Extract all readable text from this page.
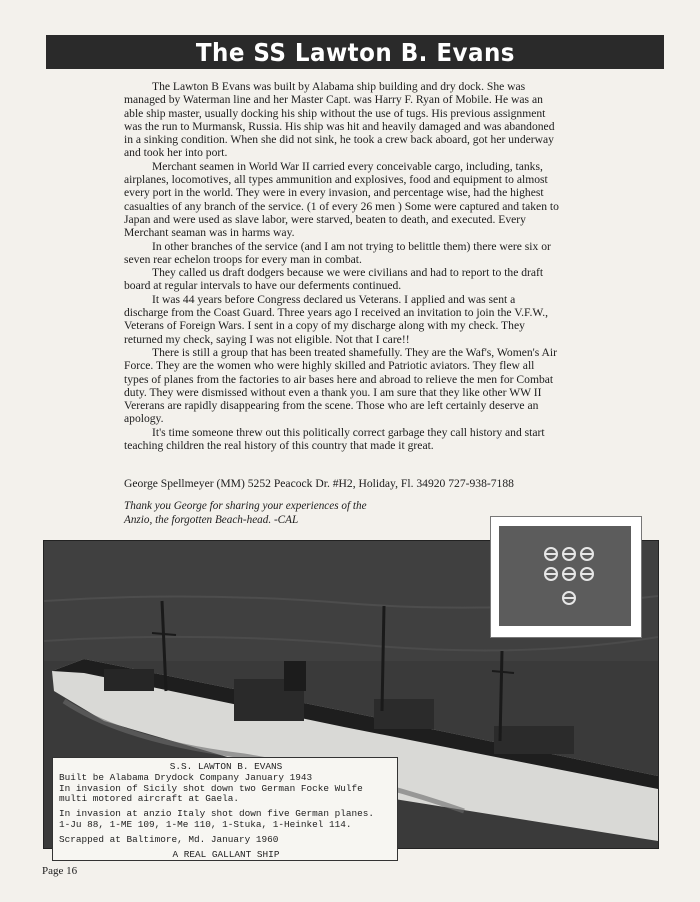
The SS Lawton B. Evans

The Lawton B Evans was built by Alabama ship building and dry dock. She was managed by Waterman line and her Master Capt. was Harry F. Ryan of Mobile. He was an able ship master, usually docking his ship without the use of tugs. His previous assignment was the run to Murmansk, Russia. His ship was hit and heavily damaged and was abandoned in a sinking condition. When she did not sink, he took a crew back aboard, got her underway and took her into port.

Merchant seamen in World War II carried every conceivable cargo, including, tanks, airplanes, locomotives, all types ammunition and explosives, food and equipment to almost every port in the world. They were in every invasion, and percentage wise, had the highest casualties of any branch of the service. (1 of every 26 men ) Some were captured and taken to Japan and were used as slave labor, were starved, beaten to death, and executed. Every Merchant seaman was in harms way.

In other branches of the service (and I am not trying to belittle them) there were six or seven rear echelon troops for every man in combat.

They called us draft dodgers because we were civilians and had to report to the draft board at regular intervals to have our deferments continued.

It was 44 years before Congress declared us Veterans. I applied and was sent a discharge from the Coast Guard. Three years ago I received an invitation to join the V.F.W., Veterans of Foreign Wars. I sent in a copy of my discharge along with my check. They returned my check, saying I was not eligible. Not that I care!!

There is still a group that has been treated shamefully. They are the Waf's, Women's Air Force. They are the women who were highly skilled and Patriotic aviators. They flew all types of planes from the factories to air bases here and abroad to relieve the men for Combat duty. They were dismissed without even a thank you. I am sure that they like other WW II Vererans are rapidly disappearing from the scene. Those who are left certainly deserve an apology.

It's time someone threw out this politically correct garbage they call history and start teaching children the real history of this country that made it great.

George Spellmeyer (MM) 5252 Peacock Dr. #H2, Holiday, Fl. 34920 727-938-7188
Thank you George for sharing your experiences of the Anzio, the forgotten Beach-head. -CAL
S.S. LAWTON B. EVANS
Built be Alabama Drydock Company January 1943
In invasion of Sicily shot down two German Focke Wulfe
multi motored aircraft at Gaela.
In invasion at anzio Italy shot down five German planes.
1-Ju 88, 1-ME 109, 1-Me 110, 1-Stuka, 1-Heinkel 114.
Scrapped at Baltimore, Md. January 1960
A REAL GALLANT SHIP
Page 16
